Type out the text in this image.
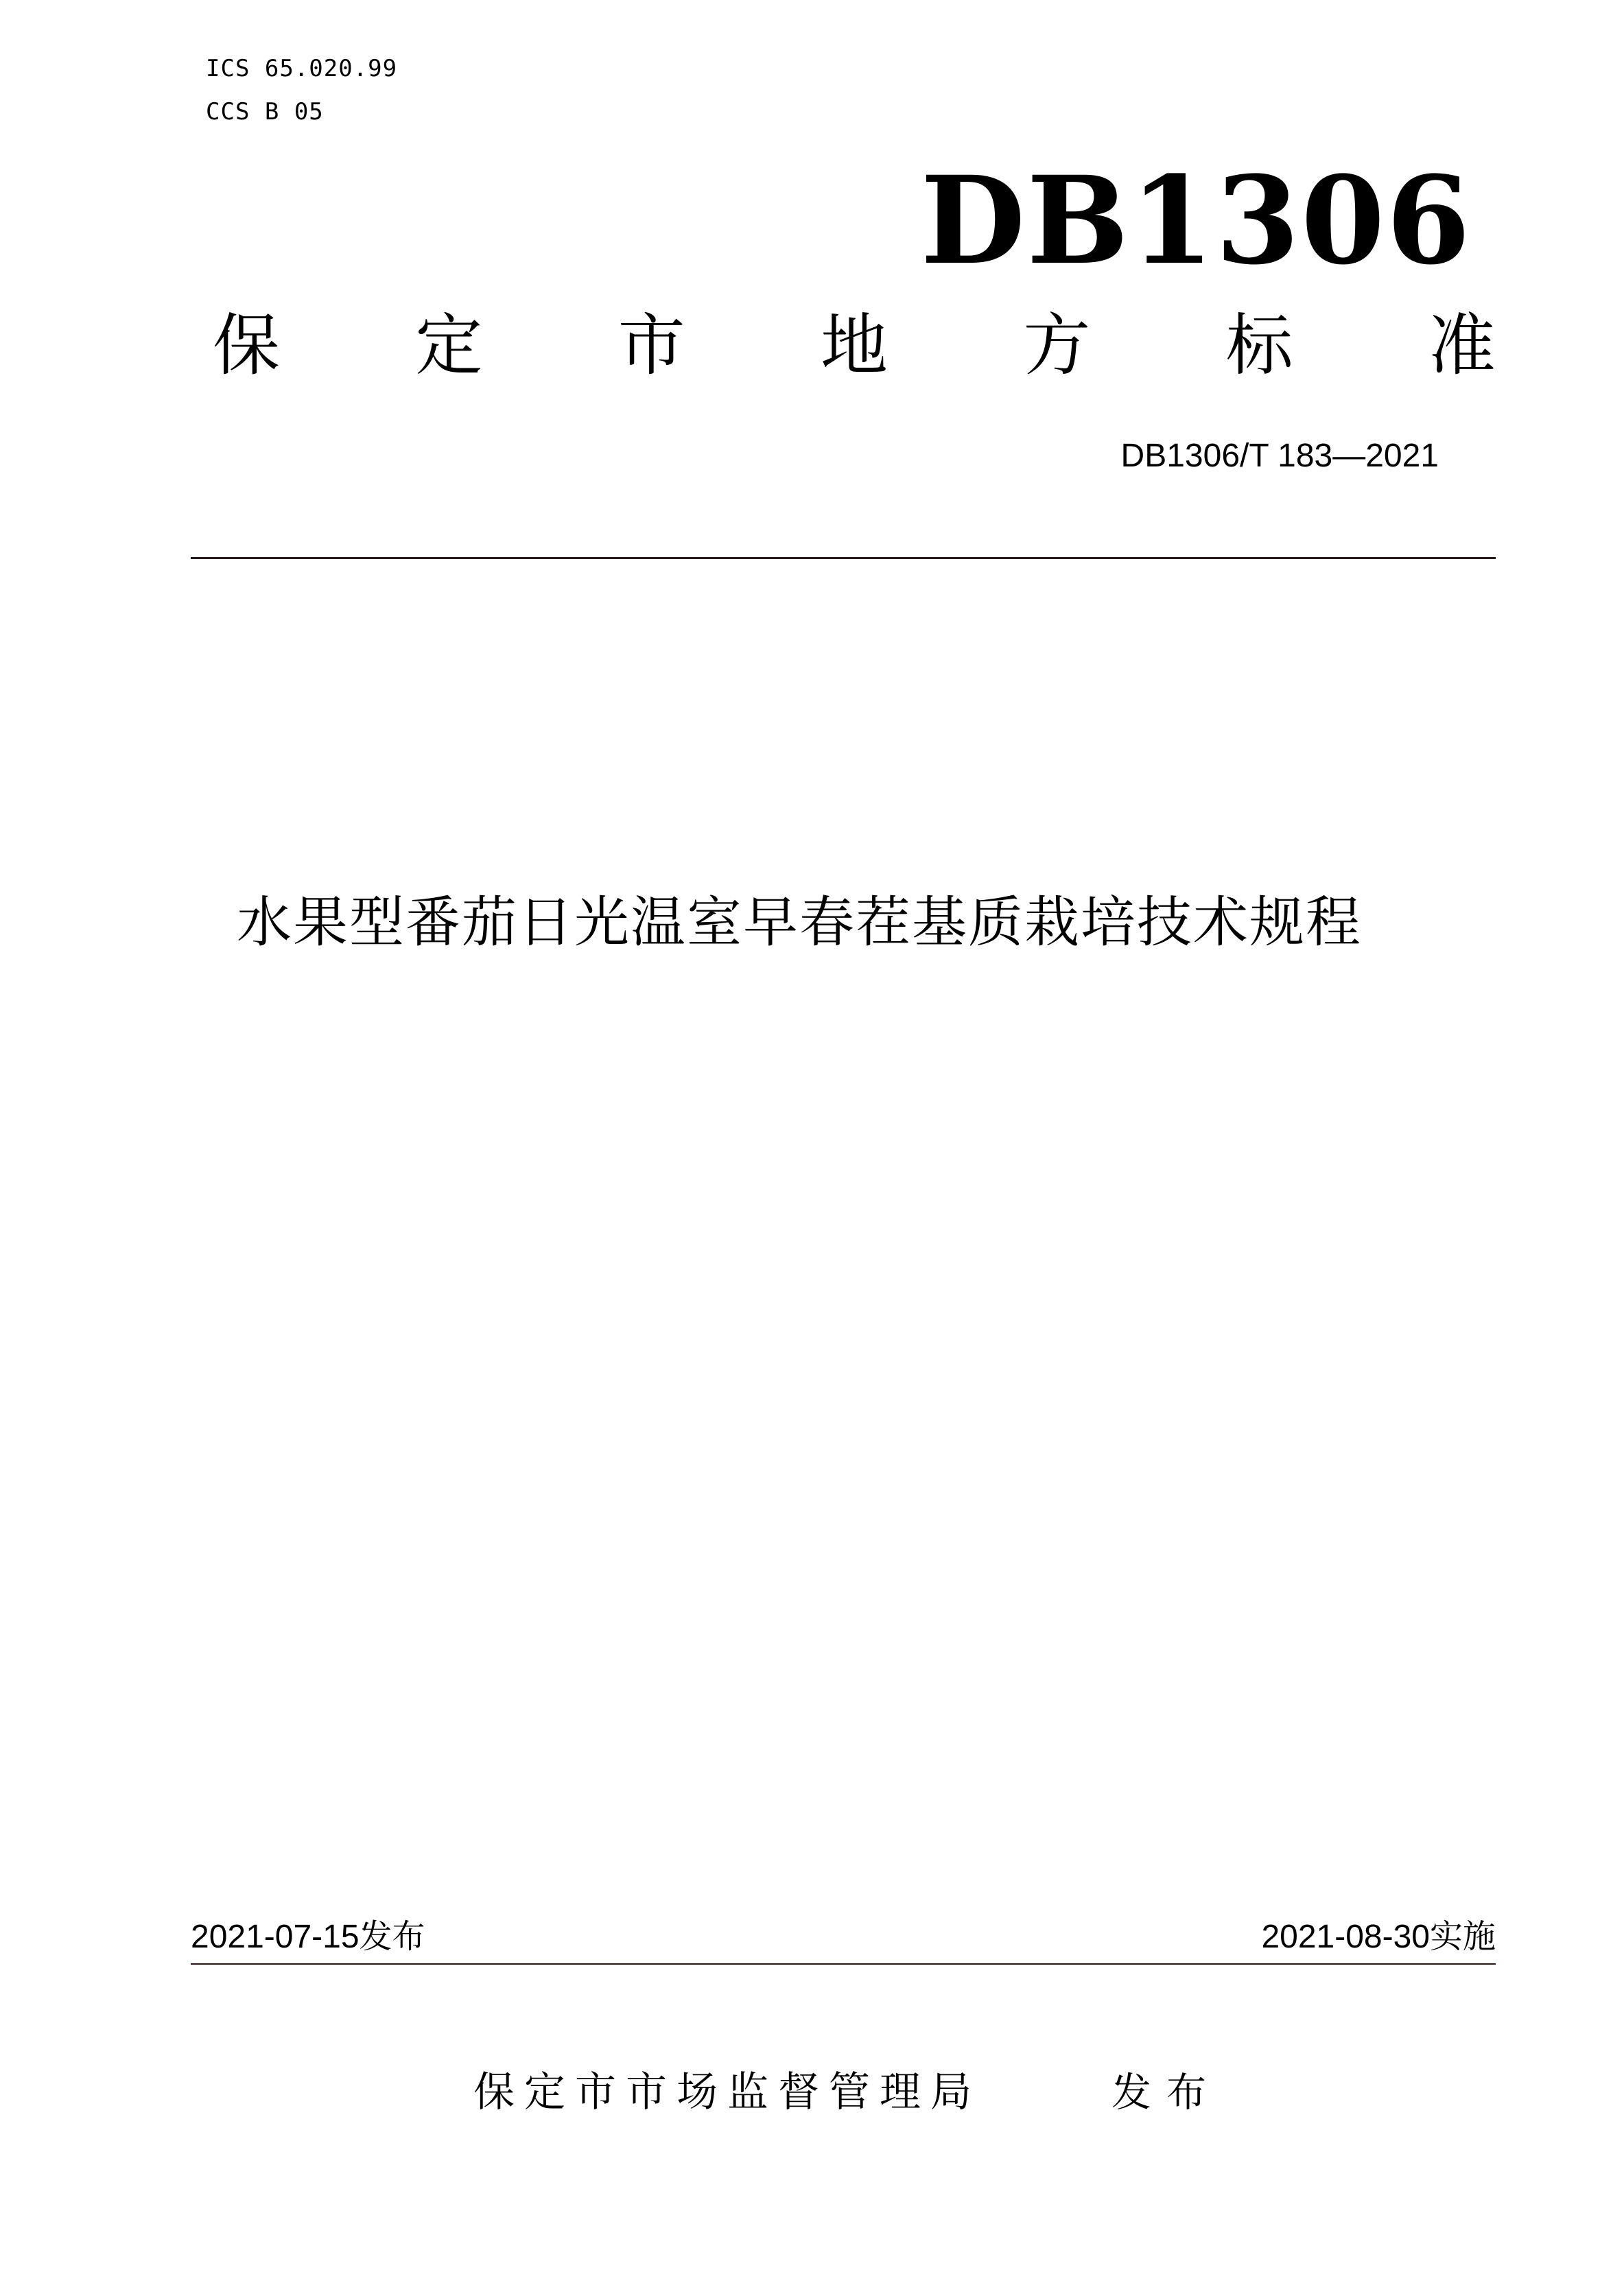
ICS 65.020.99
CCS B 05
DB1306
保 定 市 地 方 标 准
DB1306/T 183—2021
水果型番茄日光温室早春茬基质栽培技术规程
2021-07-15发布	2021-08-30实施
保定市市场监督管理局	发布
